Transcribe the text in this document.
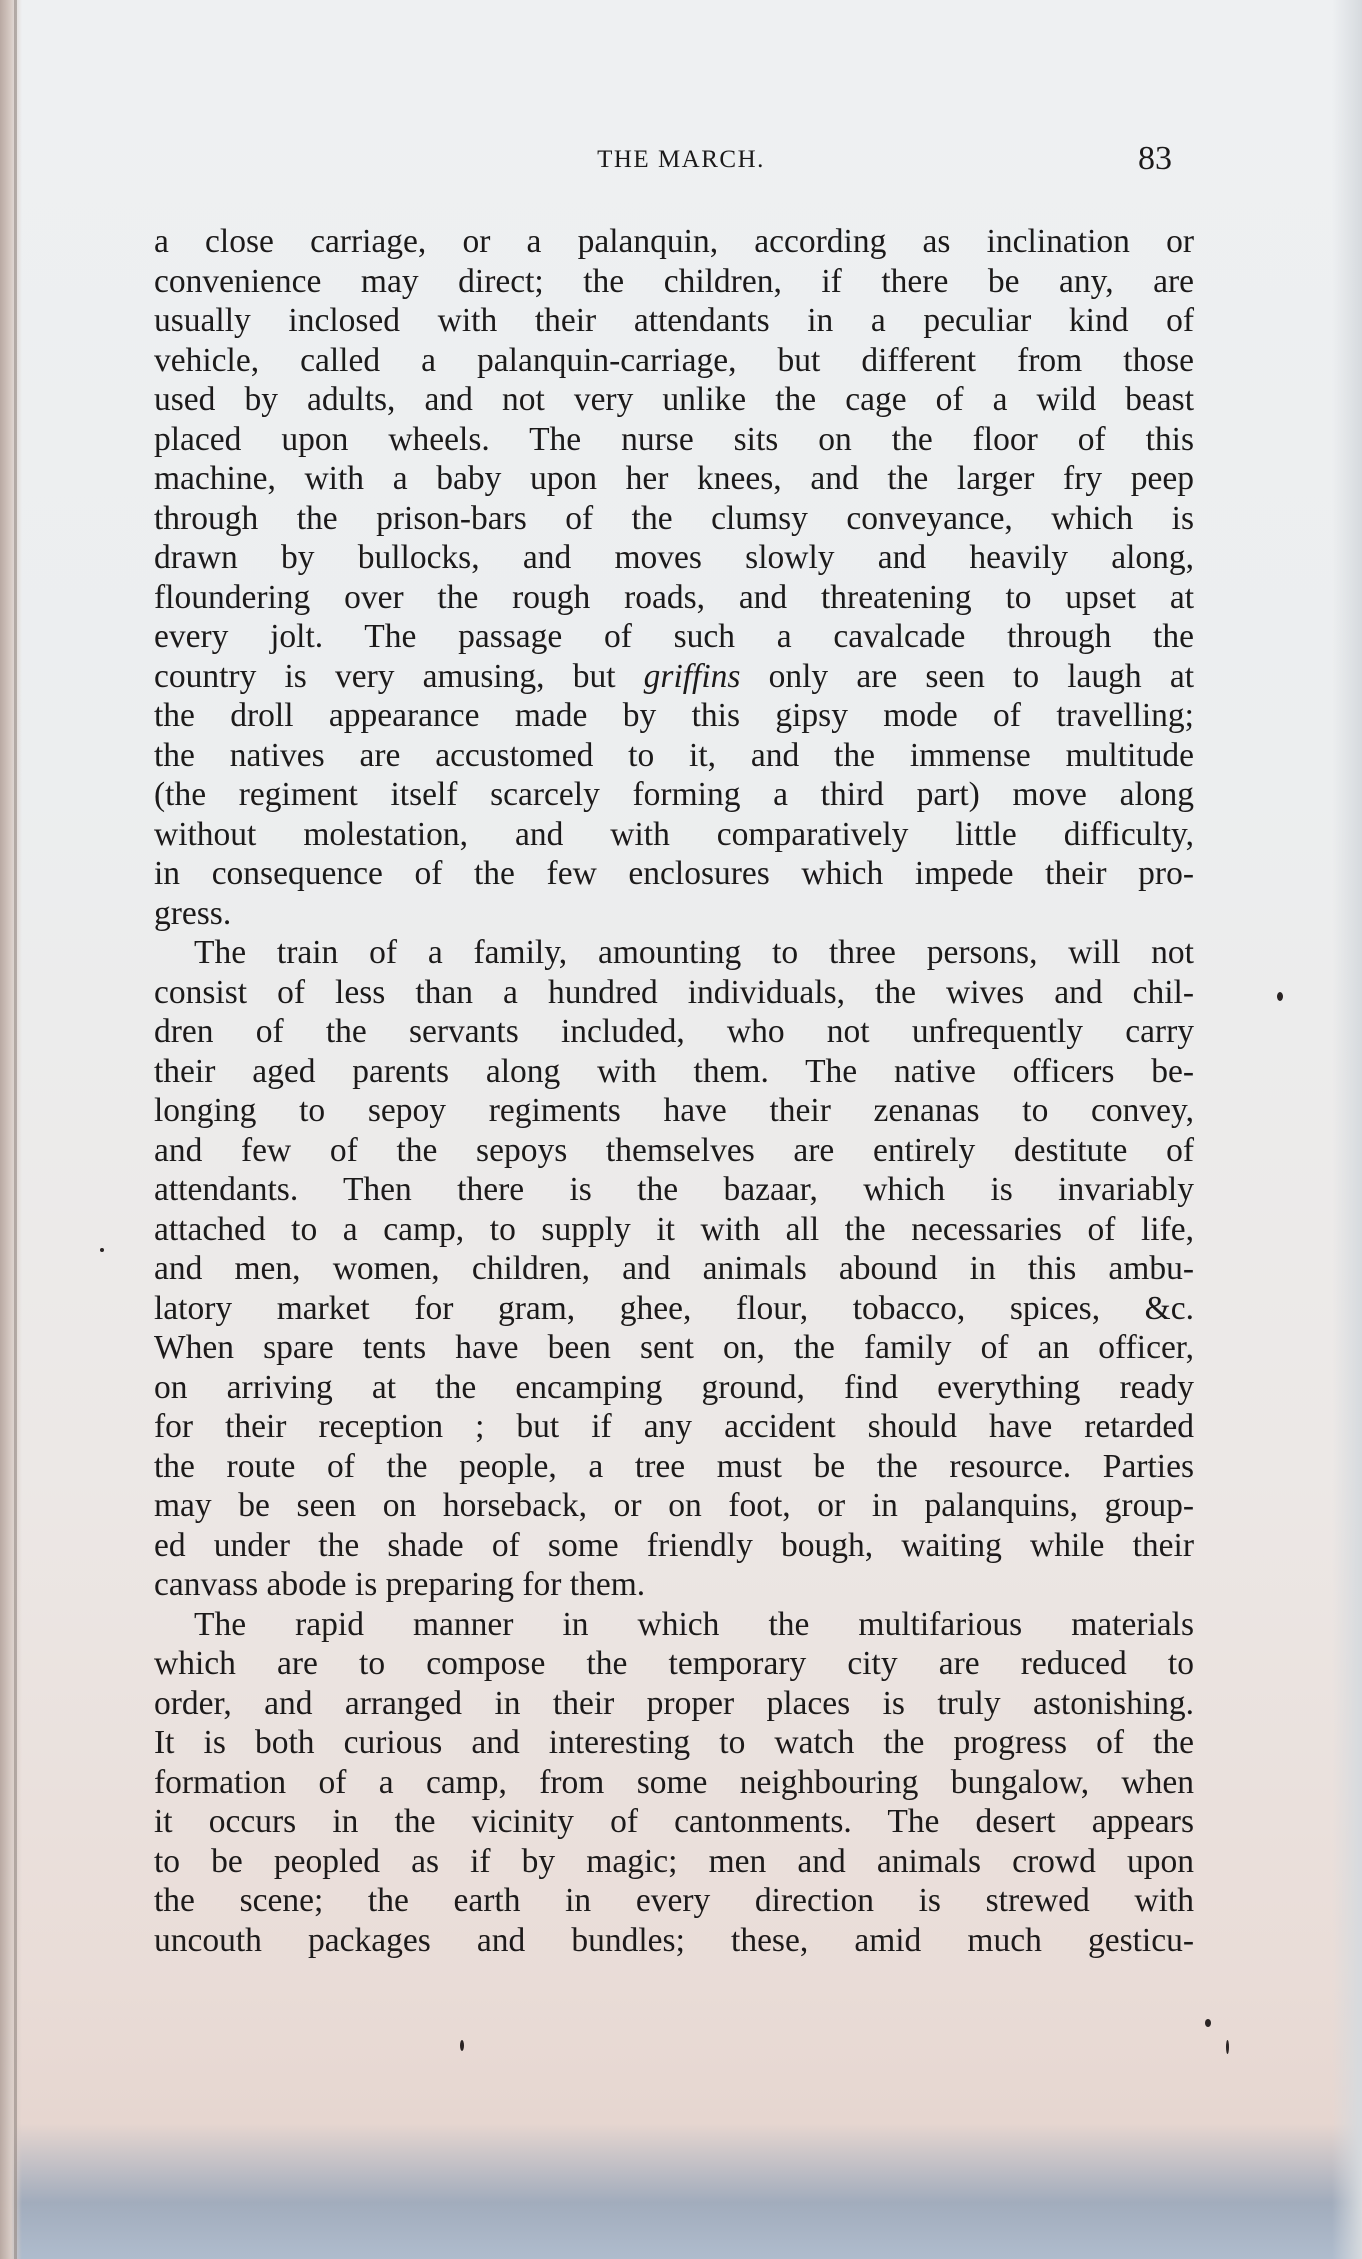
THE MARCH.	83
a close carriage, or a palanquin, according as inclination or
convenience may direct; the children, if there be any, are
usually inclosed with their attendants in a peculiar kind of
vehicle, called a palanquin-carriage, but different from those
used by adults, and not very unlike the cage of a wild beast
placed upon wheels. The nurse sits on the floor of this
machine, with a baby upon her knees, and the larger fry peep
through the prison-bars of the clumsy conveyance, which is
drawn by bullocks, and moves slowly and heavily along,
floundering over the rough roads, and threatening to upset at
every jolt. The passage of such a cavalcade through the
country is very amusing, but griffins only are seen to laugh at
the droll appearance made by this gipsy mode of travelling;
the natives are accustomed to it, and the immense multitude
(the regiment itself scarcely forming a third part) move along
without molestation, and with comparatively little difficulty,
in consequence of the few enclosures which impede their pro-
gress.
The train of a family, amounting to three persons, will not
consist of less than a hundred individuals, the wives and chil-
dren of the servants included, who not unfrequently carry
their aged parents along with them. The native officers be-
longing to sepoy regiments have their zenanas to convey,
and few of the sepoys themselves are entirely destitute of
attendants. Then there is the bazaar, which is invariably
attached to a camp, to supply it with all the necessaries of life,
and men, women, children, and animals abound in this ambu-
latory market for gram, ghee, flour, tobacco, spices, &c.
When spare tents have been sent on, the family of an officer,
on arriving at the encamping ground, find everything ready
for their reception ; but if any accident should have retarded
the route of the people, a tree must be the resource. Parties
may be seen on horseback, or on foot, or in palanquins, group-
ed under the shade of some friendly bough, waiting while their
canvass abode is preparing for them.
The rapid manner in which the multifarious materials
which are to compose the temporary city are reduced to
order, and arranged in their proper places is truly astonishing.
It is both curious and interesting to watch the progress of the
formation of a camp, from some neighbouring bungalow, when
it occurs in the vicinity of cantonments. The desert appears
to be peopled as if by magic; men and animals crowd upon
the scene; the earth in every direction is strewed with
uncouth packages and bundles; these, amid much gesticu-
